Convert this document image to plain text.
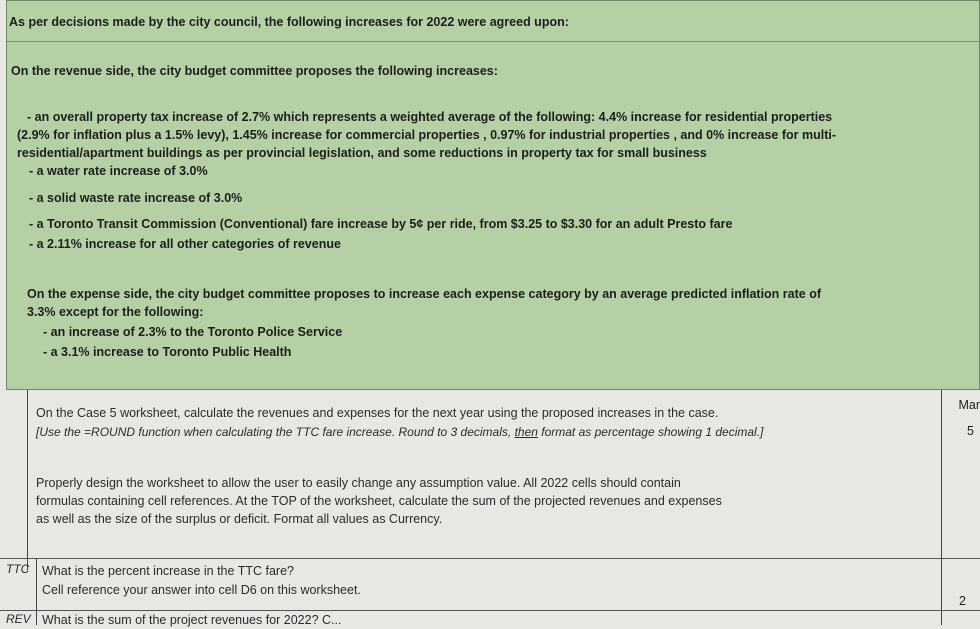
As per decisions made by the city council, the following increases for 2022 were agreed upon:
On the revenue side, the city budget committee proposes the following increases:
- an overall property tax increase of 2.7% which represents a weighted average of the following: 4.4% increase for residential properties
(2.9% for inflation plus a 1.5% levy), 1.45% increase for commercial properties , 0.97% for industrial properties , and 0% increase for multi-
residential/apartment buildings as per provincial legislation, and some reductions in property tax for small business
- a water rate increase of 3.0%
- a solid waste rate increase of 3.0%
- a Toronto Transit Commission (Conventional) fare increase by 5¢ per ride, from $3.25 to $3.30 for an adult Presto fare
- a 2.11% increase for all other categories of revenue
On the expense side, the city budget committee proposes to increase each expense category by an average predicted inflation rate of
3.3% except for the following:
- an increase of 2.3% to the Toronto Police Service
- a 3.1% increase to Toronto Public Health
On the Case 5 worksheet, calculate the revenues and expenses for the next year using the proposed increases in the case.
[Use the =ROUND function when calculating the TTC fare increase. Round to 3 decimals, then format as percentage showing 1 decimal.]
Properly design the worksheet to allow the user to easily change any assumption value. All 2022 cells should contain
formulas containing cell references. At the TOP of the worksheet, calculate the sum of the projected revenues and expenses
as well as the size of the surplus or deficit. Format all values as Currency.
Mar
5
TTC What is the percent increase in the TTC fare?
Cell reference your answer into cell D6 on this worksheet.
2
REV What is the sum of the project revenues for 2022? C...
